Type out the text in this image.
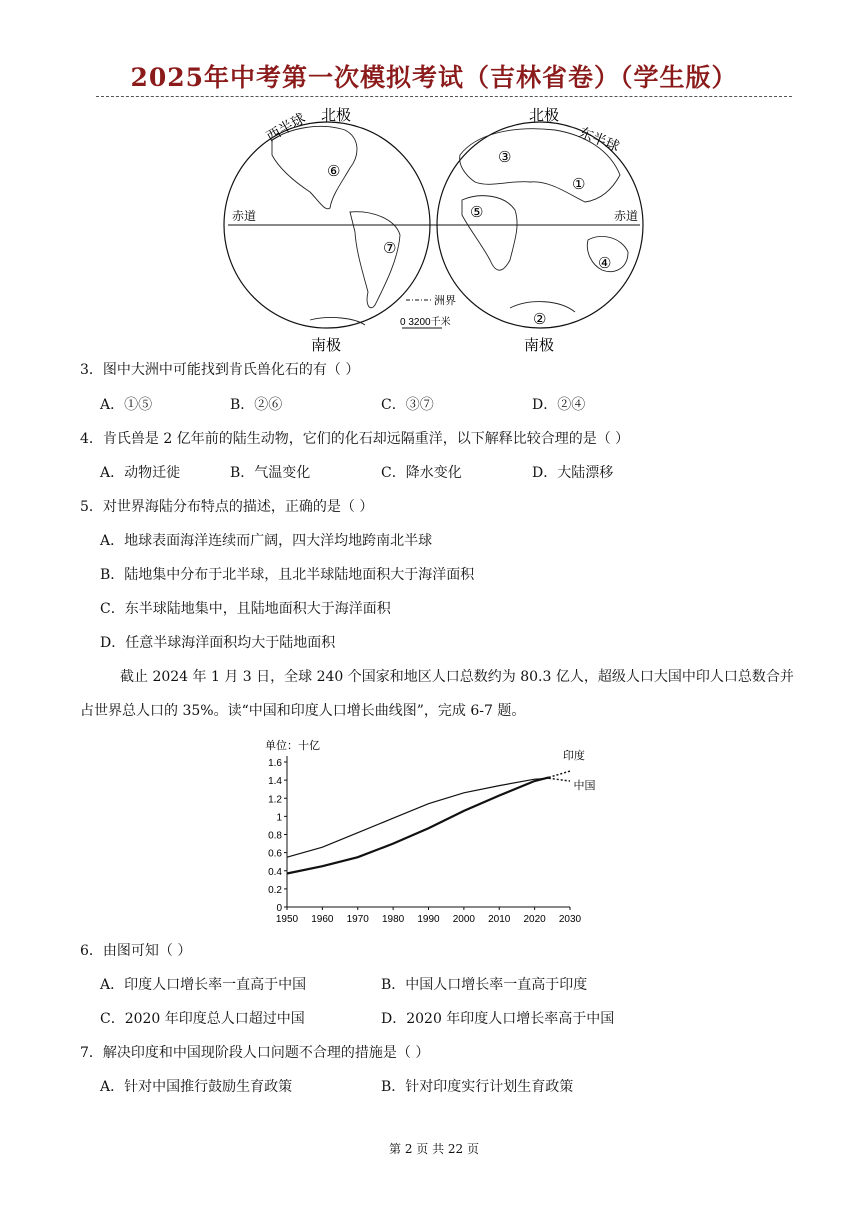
2025年中考第一次模拟考试（吉林省卷）（学生版）
西半球 北极	北极
东半球
赤道	赤道
南极	南极
①
②
③
④
⑤
⑥
⑦
洲界
0 3200千米
3．图中大洲中可能找到肯氏兽化石的有（ ）
A．①⑤	B．②⑥	C．③⑦	D．②④
4．肯氏兽是 2 亿年前的陆生动物，它们的化石却远隔重洋，以下解释比较合理的是（ ）
A．动物迁徙	B．气温变化	C．降水变化	D．大陆漂移
5．对世界海陆分布特点的描述，正确的是（ ）
A．地球表面海洋连续而广阔，四大洋均地跨南北半球
B．陆地集中分布于北半球，且北半球陆地面积大于海洋面积
C．东半球陆地集中，且陆地面积大于海洋面积
D．任意半球海洋面积均大于陆地面积
截止 2024 年 1 月 3 日，全球 240 个国家和地区人口总数约为 80.3 亿人，超级人口大国中印人口总数合并占世界总人口的 35%。读“中国和印度人口增长曲线图”，完成 6-7 题。
单位：十亿
0
0.2
0.4
0.6
0.8
1
1.2
1.4
1.6
1950 1960 1970 1980 1990 2000 2010 2020 2030
印度
中国
6．由图可知（ ）
A．印度人口增长率一直高于中国	B．中国人口增长率一直高于印度
C．2020 年印度总人口超过中国	D．2020 年印度人口增长率高于中国
7．解决印度和中国现阶段人口问题不合理的措施是（ ）
A．针对中国推行鼓励生育政策	B．针对印度实行计划生育政策
第 2 页 共 22 页
